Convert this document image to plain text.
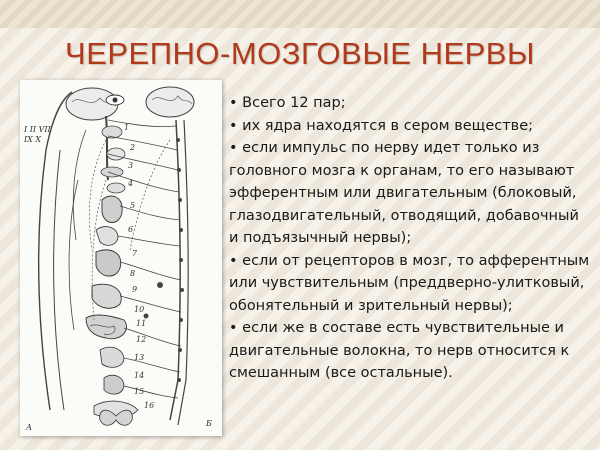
ЧЕРЕПНО-МОЗГОВЫЕ НЕРВЫ
I II VII
IX X
А	Б
1
2
3
4
5
6
7
8
9
10
11
12
13
14
15
16

• Всего 12 пар;

• их ядра находятся в сером веществе;

• если импульс по нерву идет только из головного мозга к органам, то его называют эфферентным или двигательным (блоковый, глазодвигательный, отводящий, добавочный и подъязычный нервы);

• если от рецепторов в мозг, то афферентным или чувствительным (преддверно-улитковый, обонятельный и зрительный нервы);

• если же в составе есть чувствительные и двигательные волокна, то нерв относится к смешанным (все остальные).
